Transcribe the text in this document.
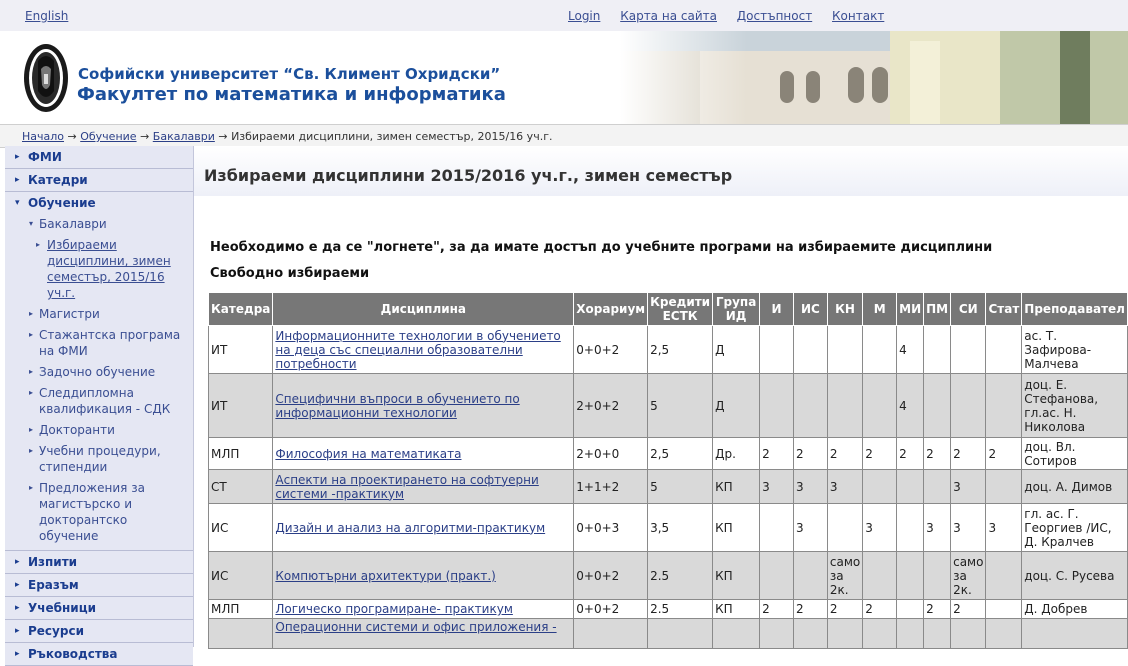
English	Login Карта на сайта Достъпност Контакт
Софийски университет “Св. Климент Охридски”
Факултет по математика и информатика
Начало → Обучение → Бакалаври → Избираеми дисциплини, зимен семестър, 2015/16 уч.г.
▸ ФМИ
▸ Катедри
▾ Обучение
▾ Бакалаври
▸ Избираеми дисциплини, зимен семестър, 2015/16 уч.г.
▸ Магистри
▸ Стажантска програма на ФМИ
▸ Задочно обучение
▸ Следдипломна квалификация - СДК
▸ Докторанти
▸ Учебни процедури, стипендии
▸ Предложения за магистърско и докторантско обучение
▸ Изпити
▸ Еразъм
▸ Учебници
▸ Ресурси
▸ Ръководства
Избираеми дисциплини 2015/2016 уч.г., зимен семестър
Необходимо е да се "логнете", за да имате достъп до учебните програми на избираемите дисциплини
Свободно избираеми
Катедра	Дисциплина	Хорариум	Кредити ЕСТК	Група ИД	И	ИС	КН	М	МИ	ПМ	СИ	Стат	Преподавател
ИТ	Информационните технологии в обучението на деца със специални образователни потребности	0+0+2	2,5	Д					4				ас. Т. Зафирова-Малчева
ИТ	Специфични въпроси в обучението по информационни технологии	2+0+2	5	Д					4				доц. Е. Стефанова, гл.ас. Н. Николова
МЛП	Философия на математиката	2+0+0	2,5	Др.	2	2	2	2	2	2	2	2	доц. Вл. Сотиров
СТ	Аспекти на проектирането на софтуерни системи -практикум	1+1+2	5	КП	3	3	3				3		доц. А. Димов
ИС	Дизайн и анализ на алгоритми-практикум	0+0+3	3,5	КП		3		3		3	3	3	гл. ас. Г. Георгиев /ИС, Д. Кралчев
ИС	Компютърни архитектури (практ.)	0+0+2	2.5	КП			само за 2к.				само за 2к.		доц. С. Русева
МЛП	Логическо програмиране- практикум	0+0+2	2.5	КП	2	2	2	2		2	2		Д. Добрев
	Операционни системи и офис приложения -												
